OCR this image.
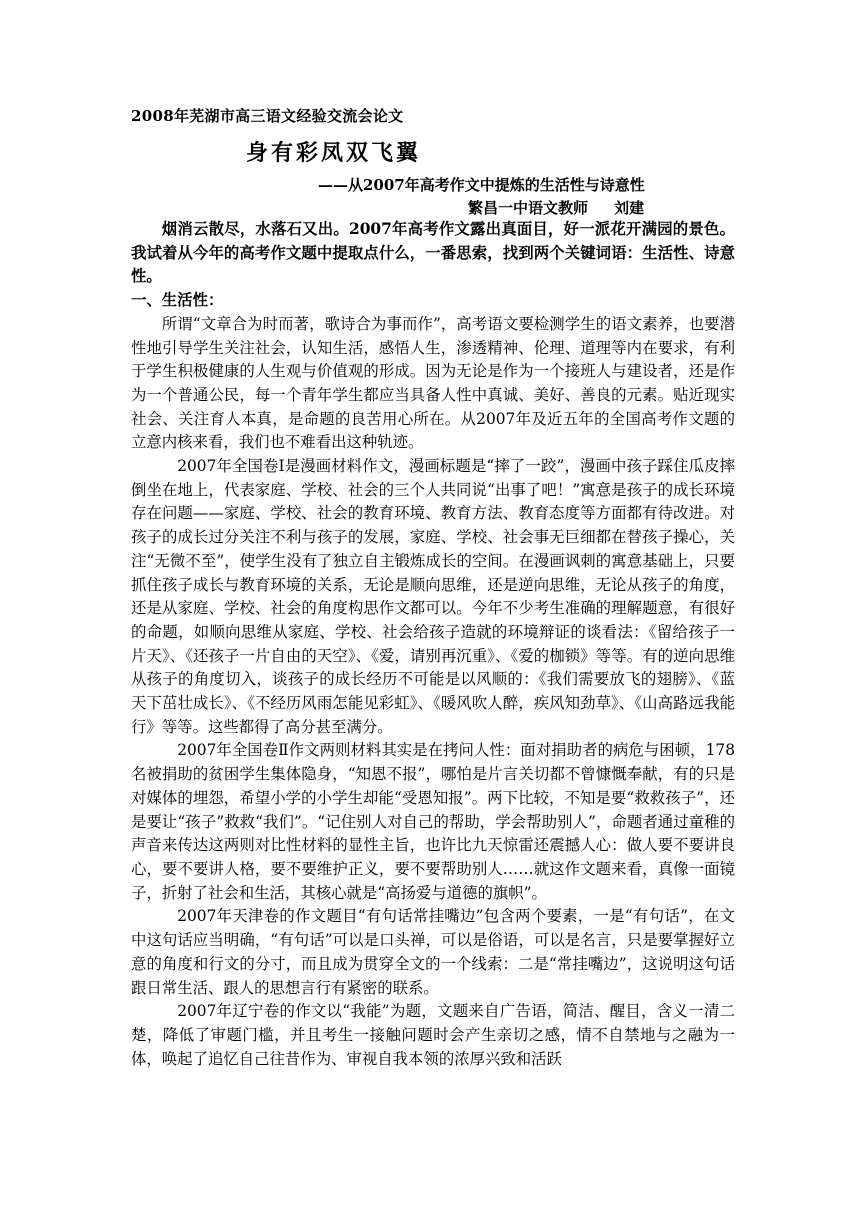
2008年芜湖市高三语文经验交流会论文
身有彩凤双飞翼
——从2007年高考作文中提炼的生活性与诗意性
繁昌一中语文教师     刘建

烟消云散尽，水落石又出。2007年高考作文露出真面目，好一派花开满园的景色。我试着从今年的高考作文题中提取点什么，一番思索，找到两个关键词语：生活性、诗意性。

一、生活性：

所谓“文章合为时而著，歌诗合为事而作”，高考语文要检测学生的语文素养，也要潜性地引导学生关注社会，认知生活，感悟人生，渗透精神、伦理、道理等内在要求，有利于学生积极健康的人生观与价值观的形成。因为无论是作为一个接班人与建设者，还是作为一个普通公民，每一个青年学生都应当具备人性中真诚、美好、善良的元素。贴近现实社会、关注育人本真，是命题的良苦用心所在。从2007年及近五年的全国高考作文题的立意内核来看，我们也不难看出这种轨迹。

2007年全国卷Ⅰ是漫画材料作文，漫画标题是“摔了一跤”，漫画中孩子踩住瓜皮摔倒坐在地上，代表家庭、学校、社会的三个人共同说“出事了吧！”寓意是孩子的成长环境存在问题——家庭、学校、社会的教育环境、教育方法、教育态度等方面都有待改进。对孩子的成长过分关注不利与孩子的发展，家庭、学校、社会事无巨细都在替孩子操心，关注“无微不至”，使学生没有了独立自主锻炼成长的空间。在漫画讽刺的寓意基础上，只要抓住孩子成长与教育环境的关系，无论是顺向思维，还是逆向思维，无论从孩子的角度，还是从家庭、学校、社会的角度构思作文都可以。今年不少考生准确的理解题意，有很好的命题，如顺向思维从家庭、学校、社会给孩子造就的环境辩证的谈看法：《留给孩子一片天》、《还孩子一片自由的天空》、《爱，请别再沉重》、《爱的枷锁》等等。有的逆向思维从孩子的角度切入，谈孩子的成长经历不可能是以风顺的：《我们需要放飞的翅膀》、《蓝天下茁壮成长》、《不经历风雨怎能见彩虹》、《暖风吹人醉，疾风知劲草》、《山高路远我能行》等等。这些都得了高分甚至满分。

2007年全国卷Ⅱ作文两则材料其实是在拷问人性：面对捐助者的病危与困顿，178名被捐助的贫困学生集体隐身，“知恩不报”，哪怕是片言关切都不曾慷慨奉献，有的只是对媒体的埋怨，希望小学的小学生却能“受恩知报”。两下比较，不知是要“救救孩子”，还是要让“孩子”救救“我们”。“记住别人对自己的帮助，学会帮助别人”，命题者通过童稚的声音来传达这两则对比性材料的显性主旨，也许比九天惊雷还震撼人心：做人要不要讲良心，要不要讲人格，要不要维护正义，要不要帮助别人……就这作文题来看，真像一面镜子，折射了社会和生活，其核心就是“高扬爱与道德的旗帜”。

2007年天津卷的作文题目“有句话常挂嘴边”包含两个要素，一是“有句话”，在文中这句话应当明确，“有句话”可以是口头禅，可以是俗语，可以是名言，只是要掌握好立意的角度和行文的分寸，而且成为贯穿全文的一个线索：二是“常挂嘴边”，这说明这句话跟日常生活、跟人的思想言行有紧密的联系。

2007年辽宁卷的作文以“我能”为题，文题来自广告语，简洁、醒目，含义一清二楚，降低了审题门槛，并且考生一接触问题时会产生亲切之感，情不自禁地与之融为一体，唤起了追忆自己往昔作为、审视自我本领的浓厚兴致和活跃
